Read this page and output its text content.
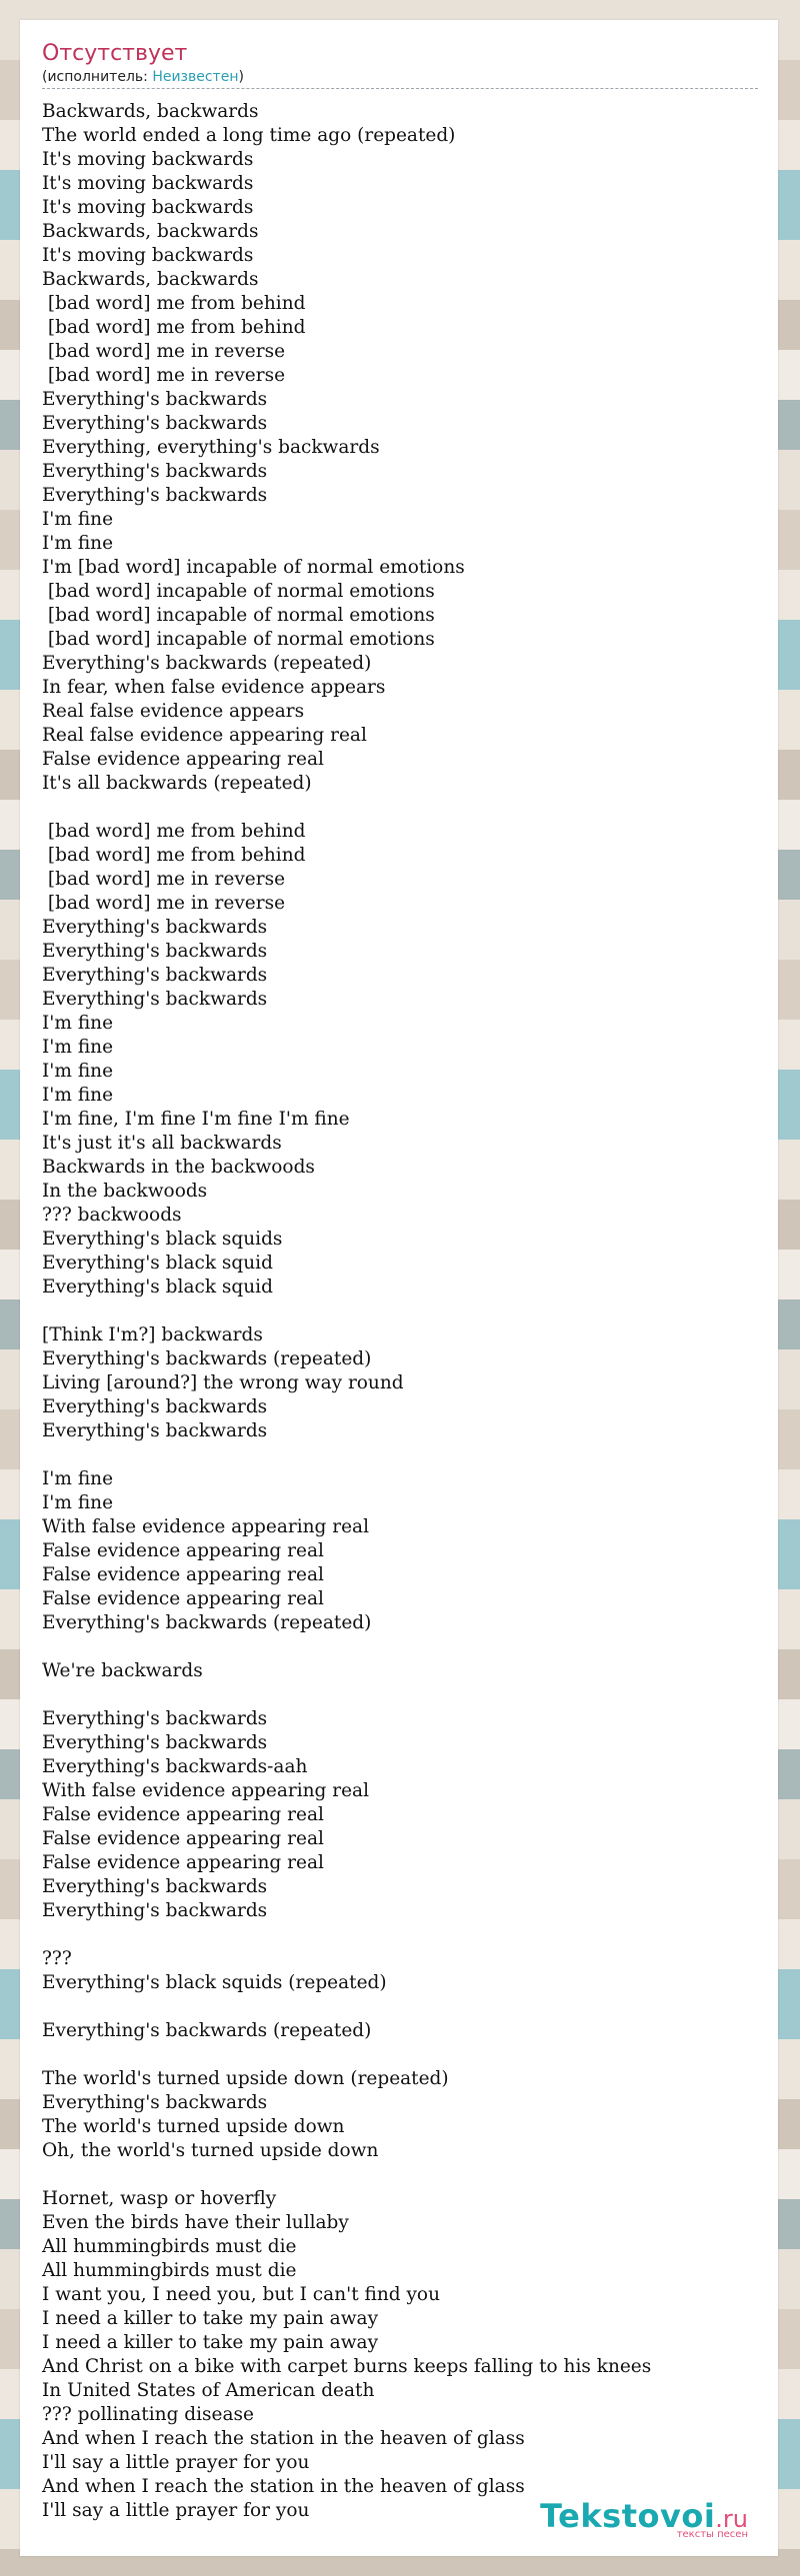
Отсутствует
(исполнитель: Неизвестен)
Backwards, backwards
The world ended a long time ago (repeated)
It's moving backwards
It's moving backwards
It's moving backwards
Backwards, backwards
It's moving backwards
Backwards, backwards
[bad word] me from behind
[bad word] me from behind
[bad word] me in reverse
[bad word] me in reverse
Everything's backwards
Everything's backwards
Everything, everything's backwards
Everything's backwards
Everything's backwards
I'm fine
I'm fine
I'm [bad word] incapable of normal emotions
[bad word] incapable of normal emotions
[bad word] incapable of normal emotions
[bad word] incapable of normal emotions
Everything's backwards (repeated)
In fear, when false evidence appears
Real false evidence appears
Real false evidence appearing real
False evidence appearing real
It's all backwards (repeated)
[bad word] me from behind
[bad word] me from behind
[bad word] me in reverse
[bad word] me in reverse
Everything's backwards
Everything's backwards
Everything's backwards
Everything's backwards
I'm fine
I'm fine
I'm fine
I'm fine
I'm fine, I'm fine I'm fine I'm fine
It's just it's all backwards
Backwards in the backwoods
In the backwoods
??? backwoods
Everything's black squids
Everything's black squid
Everything's black squid
[Think I'm?] backwards
Everything's backwards (repeated)
Living [around?] the wrong way round
Everything's backwards
Everything's backwards
I'm fine
I'm fine
With false evidence appearing real
False evidence appearing real
False evidence appearing real
False evidence appearing real
Everything's backwards (repeated)
We're backwards
Everything's backwards
Everything's backwards
Everything's backwards-aah
With false evidence appearing real
False evidence appearing real
False evidence appearing real
False evidence appearing real
Everything's backwards
Everything's backwards
???
Everything's black squids (repeated)
Everything's backwards (repeated)
The world's turned upside down (repeated)
Everything's backwards
The world's turned upside down
Oh, the world's turned upside down
Hornet, wasp or hoverfly
Even the birds have their lullaby
All hummingbirds must die
All hummingbirds must die
I want you, I need you, but I can't find you
I need a killer to take my pain away
I need a killer to take my pain away
And Christ on a bike with carpet burns keeps falling to his knees
In United States of American death
??? pollinating disease
And when I reach the station in the heaven of glass
I'll say a little prayer for you
And when I reach the station in the heaven of glass
I'll say a little prayer for you	Tekstovoi.ru
тексты песен
